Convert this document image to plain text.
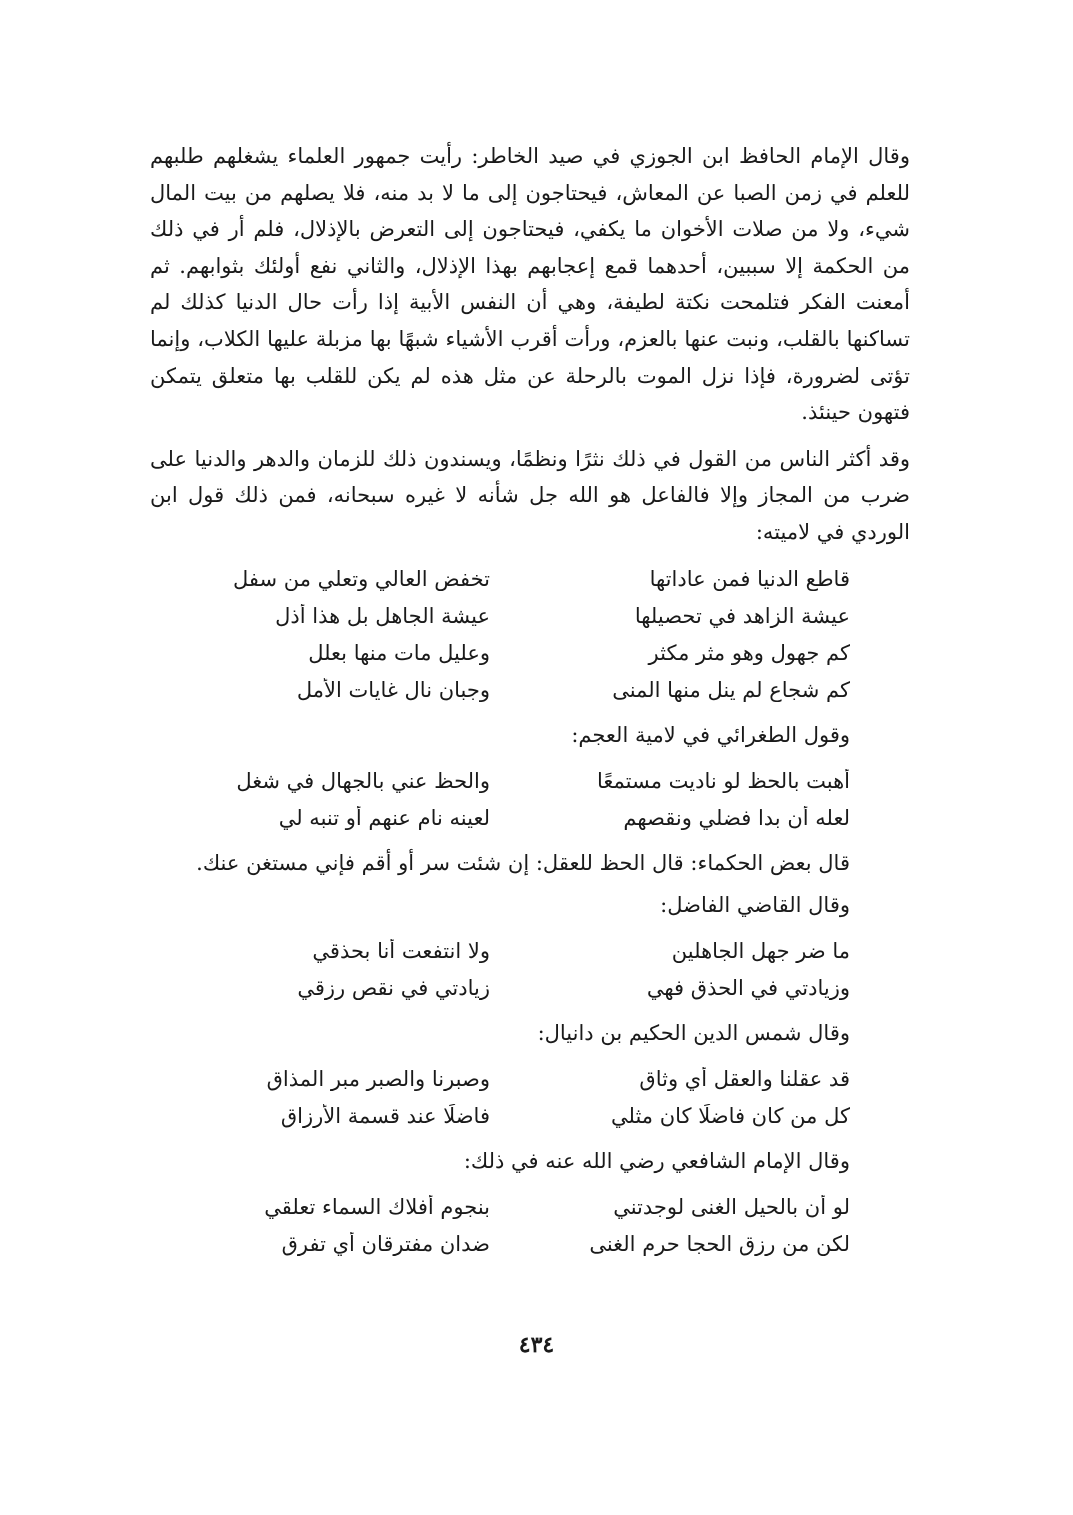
وقال الإمام الحافظ ابن الجوزي في صيد الخاطر: رأيت جمهور العلماء يشغلهم طلبهم للعلم في زمن الصبا عن المعاش، فيحتاجون إلى ما لا بد منه، فلا يصلهم من بيت المال شيء، ولا من صلات الأخوان ما يكفي، فيحتاجون إلى التعرض بالإذلال، فلم أر في ذلك من الحكمة إلا سببين، أحدهما قمع إعجابهم بهذا الإذلال، والثاني نفع أولئك بثوابهم. ثم أمعنت الفكر فتلمحت نكتة لطيفة، وهي أن النفس الأبية إذا رأت حال الدنيا كذلك لم تساكنها بالقلب، ونبت عنها بالعزم، ورأت أقرب الأشياء شبهًا بها مزبلة عليها الكلاب، وإنما تؤتى لضرورة، فإذا نزل الموت بالرحلة عن مثل هذه لم يكن للقلب بها متعلق يتمكن فتهون حينئذ.

وقد أكثر الناس من القول في ذلك نثرًا ونظمًا، ويسندون ذلك للزمان والدهر والدنيا على ضرب من المجاز وإلا فالفاعل هو الله جل شأنه لا غيره سبحانه، فمن ذلك قول ابن الوردي في لاميته:

قاطع الدنيا فمن عاداتها
تخفض العالي وتعلي من سفل
عيشة الزاهد في تحصيلها
عيشة الجاهل بل هذا أذل
كم جهول وهو مثر مكثر
وعليل مات منها بعلل
كم شجاع لم ينل منها المنى
وجبان نال غايات الأمل

وقول الطغرائي في لامية العجم:

أهبت بالحظ لو ناديت مستمعًا
والحظ عني بالجهال في شغل
لعله أن بدا فضلي ونقصهم
لعينه نام عنهم أو تنبه لي

قال بعض الحكماء: قال الحظ للعقل: إن شئت سر أو أقم فإني مستغن عنك.

وقال القاضي الفاضل:

ما ضر جهل الجاهلين
ولا انتفعت أنا بحذقي
وزيادتي في الحذق فهي
زيادتي في نقص رزقي

وقال شمس الدين الحكيم بن دانيال:

قد عقلنا والعقل أي وثاق
وصبرنا والصبر مبر المذاق
كل من كان فاضلًا كان مثلي
فاضلًا عند قسمة الأرزاق

وقال الإمام الشافعي رضي الله عنه في ذلك:

لو أن بالحيل الغنى لوجدتني
بنجوم أفلاك السماء تعلقي
لكن من رزق الحجا حرم الغنى
ضدان مفترقان أي تفرق
٤٣٤
